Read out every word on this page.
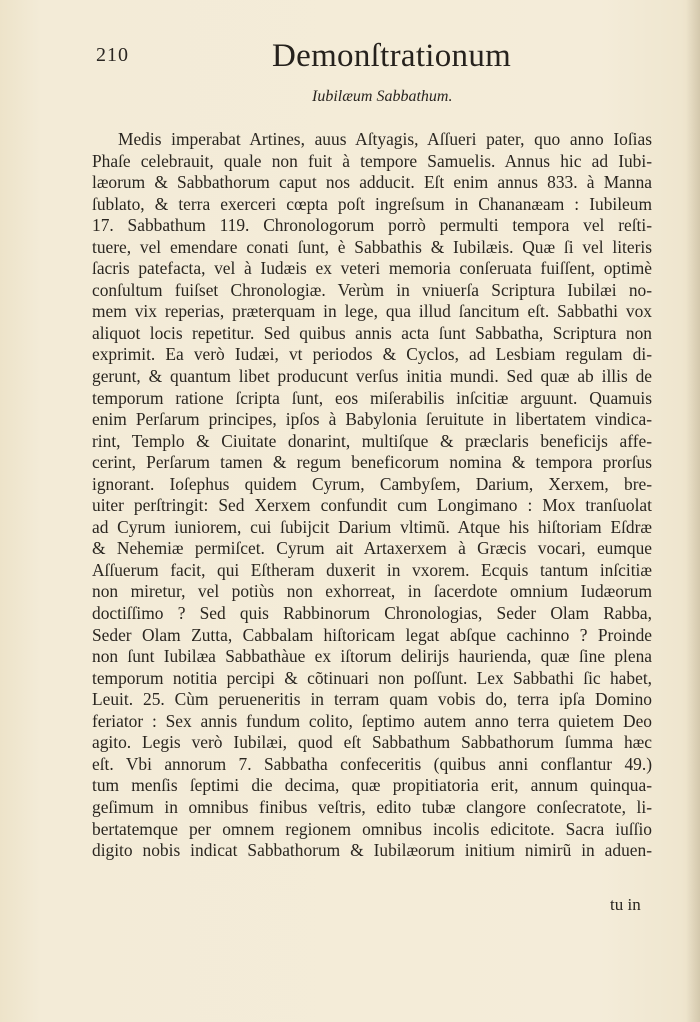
210	Demonſtrationum
Iubilæum Sabbathum.
Medis imperabat Artines, auus Aſtyagis, Aſſueri pater, quo anno Ioſias
Phaſe celebrauit, quale non fuit à tempore Samuelis. Annus hic ad Iubi-
læorum & Sabbathorum caput nos adducit. Eſt enim annus 833. à Manna
ſublato, & terra exerceri cœpta poſt ingreſsum in Chananæam : Iubileum
17. Sabbathum 119. Chronologorum porrò permulti tempora vel reſti-
tuere, vel emendare conati ſunt, è Sabbathis & Iubilæis. Quæ ſi vel literis
ſacris patefacta, vel à Iudæis ex veteri memoria conſeruata fuiſſent, optimè
conſultum fuiſset Chronologiæ. Verùm in vniuerſa Scriptura Iubilæi no-
mem vix reperias, præterquam in lege, qua illud ſancitum eſt. Sabbathi vox
aliquot locis repetitur. Sed quibus annis acta ſunt Sabbatha, Scriptura non
exprimit. Ea verò Iudæi, vt periodos & Cyclos, ad Lesbiam regulam di-
gerunt, & quantum libet producunt verſus initia mundi. Sed quæ ab illis de
temporum ratione ſcripta ſunt, eos miſerabilis inſcitiæ arguunt. Quamuis
enim Perſarum principes, ipſos à Babylonia ſeruitute in libertatem vindica-
rint, Templo & Ciuitate donarint, multiſque & præclaris beneficijs affe-
cerint, Perſarum tamen & regum beneficorum nomina & tempora prorſus
ignorant. Ioſephus quidem Cyrum, Cambyſem, Darium, Xerxem, bre-
uiter perſtringit: Sed Xerxem confundit cum Longimano : Mox tranſuolat
ad Cyrum iuniorem, cui ſubijcit Darium vltimũ. Atque his hiſtoriam Eſdræ
& Nehemiæ permiſcet. Cyrum ait Artaxerxem à Græcis vocari, eumque
Aſſuerum facit, qui Eſtheram duxerit in vxorem. Ecquis tantum inſcitiæ
non miretur, vel potiùs non exhorreat, in ſacerdote omnium Iudæorum
doctiſſimo ? Sed quis Rabbinorum Chronologias, Seder Olam Rabba,
Seder Olam Zutta, Cabbalam hiſtoricam legat abſque cachinno ? Proinde
non ſunt Iubilæa Sabbathàue ex iſtorum delirijs haurienda, quæ ſine plena
temporum notitia percipi & cõtinuari non poſſunt. Lex Sabbathi ſic habet,
Leuit. 25. Cùm perueneritis in terram quam vobis do, terra ipſa Domino
feriator : Sex annis fundum colito, ſeptimo autem anno terra quietem Deo
agito. Legis verò Iubilæi, quod eſt Sabbathum Sabbathorum ſumma hæc
eſt. Vbi annorum 7. Sabbatha confeceritis (quibus anni conflantur 49.)
tum menſis ſeptimi die decima, quæ propitiatoria erit, annum quinqua-
geſimum in omnibus finibus veſtris, edito tubæ clangore conſecratote, li-
bertatemque per omnem regionem omnibus incolis edicitote. Sacra iuſſio
digito nobis indicat Sabbathorum & Iubilæorum initium nimirũ in aduen-
tu in
